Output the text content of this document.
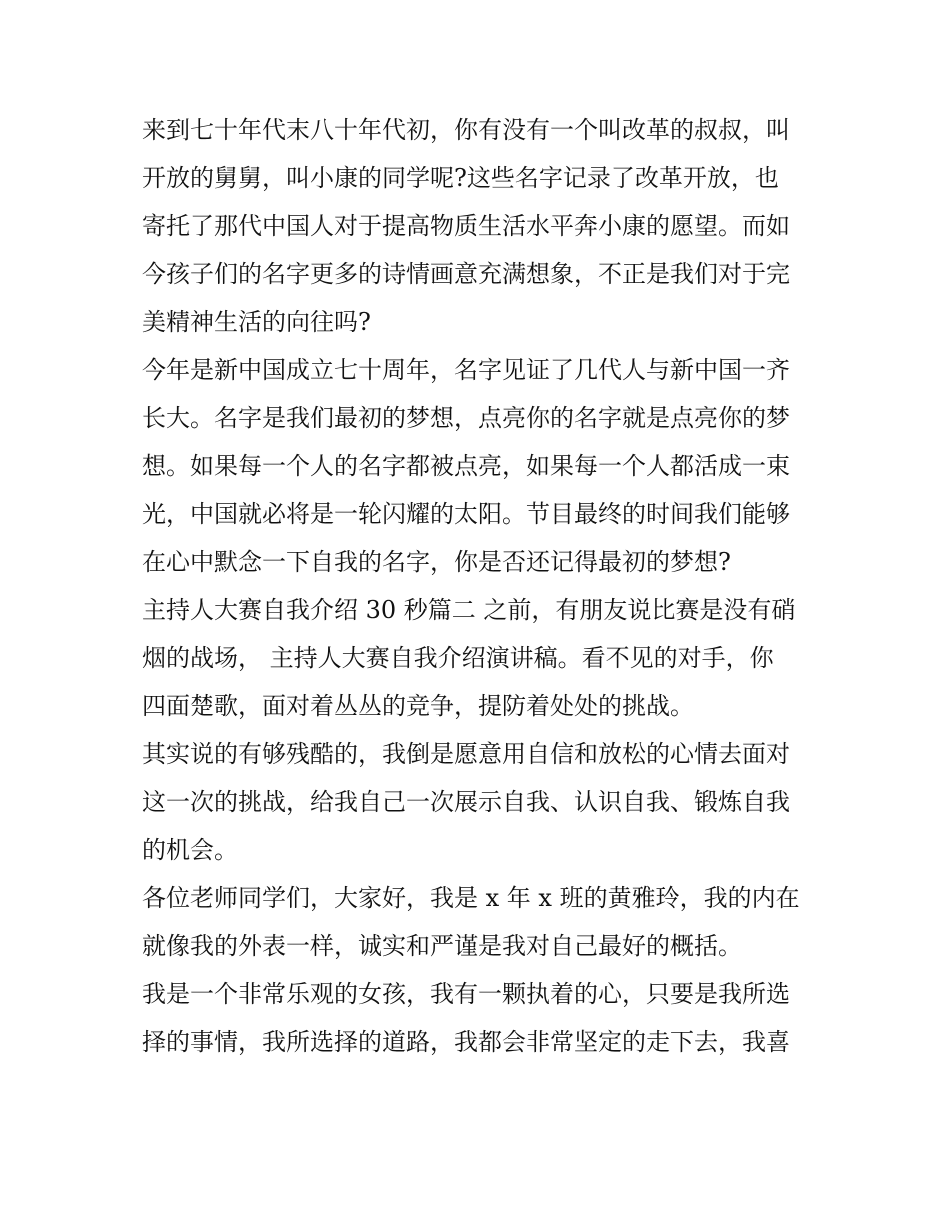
来到七十年代末八十年代初，你有没有一个叫改革的叔叔，叫
开放的舅舅，叫小康的同学呢?这些名字记录了改革开放，也
寄托了那代中国人对于提高物质生活水平奔小康的愿望。而如
今孩子们的名字更多的诗情画意充满想象，不正是我们对于完
美精神生活的向往吗?
今年是新中国成立七十周年，名字见证了几代人与新中国一齐
长大。名字是我们最初的梦想，点亮你的名字就是点亮你的梦
想。如果每一个人的名字都被点亮，如果每一个人都活成一束
光，中国就必将是一轮闪耀的太阳。节目最终的时间我们能够
在心中默念一下自我的名字，你是否还记得最初的梦想?
主持人大赛自我介绍 30 秒篇二 之前，有朋友说比赛是没有硝
烟的战场， 主持人大赛自我介绍演讲稿。看不见的对手，你
四面楚歌，面对着丛丛的竞争，提防着处处的挑战。
其实说的有够残酷的，我倒是愿意用自信和放松的心情去面对
这一次的挑战，给我自己一次展示自我、认识自我、锻炼自我
的机会。
各位老师同学们，大家好，我是 x 年 x 班的黄雅玲，我的内在
就像我的外表一样，诚实和严谨是我对自己最好的概括。
我是一个非常乐观的女孩，我有一颗执着的心，只要是我所选
择的事情，我所选择的道路，我都会非常坚定的走下去，我喜
